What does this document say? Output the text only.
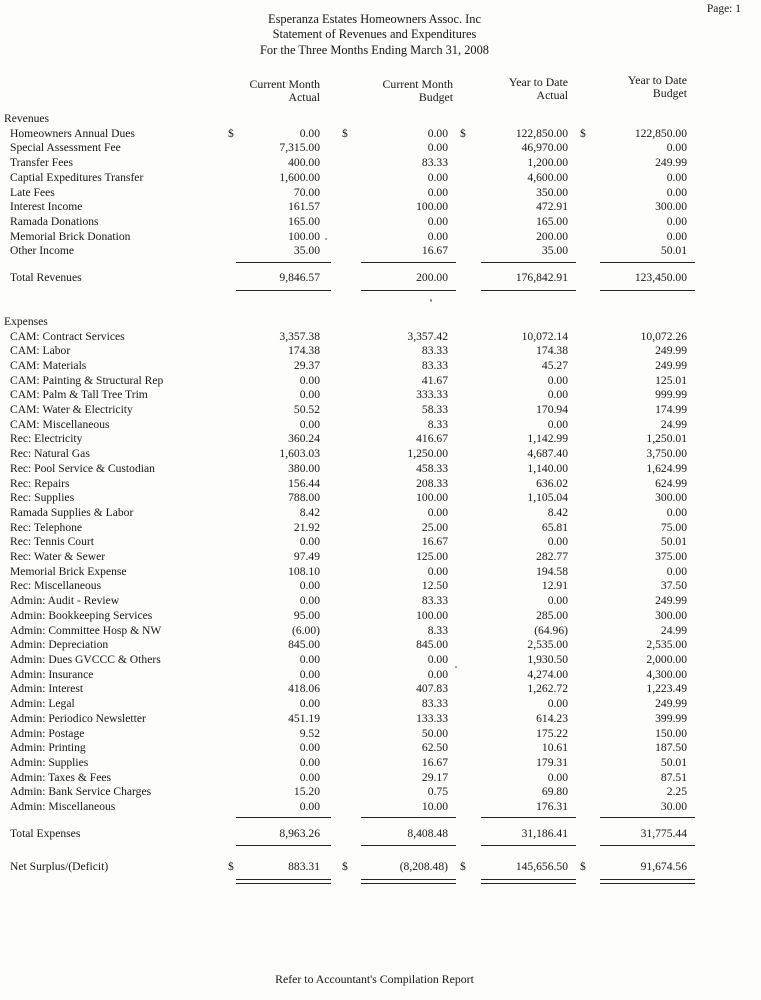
Page: 1
Esperanza Estates Homeowners Assoc. Inc
Statement of Revenues and Expenditures
For the Three Months Ending March 31, 2008
Current Month
Actual
Current Month
Budget
Year to Date
Actual
Year to Date
Budget
Revenues
Homeowners Annual Dues	$	0.00	$	0.00	$	122,850.00	$	122,850.00
Special Assessment Fee	7,315.00	0.00	46,970.00	0.00
Transfer Fees	400.00	83.33	1,200.00	249.99
Captial Expeditures Transfer	1,600.00	0.00	4,600.00	0.00
Late Fees	70.00	0.00	350.00	0.00
Interest Income	161.57	100.00	472.91	300.00
Ramada Donations	165.00	0.00	165.00	0.00
Memorial Brick Donation	100.00	0.00	200.00	0.00
Other Income	35.00	16.67	35.00	50.01
Total Revenues	9,846.57	200.00	176,842.91	123,450.00
Expenses
CAM: Contract Services	3,357.38	3,357.42	10,072.14	10,072.26
CAM: Labor	174.38	83.33	174.38	249.99
CAM: Materials	29.37	83.33	45.27	249.99
CAM: Painting & Structural Rep	0.00	41.67	0.00	125.01
CAM: Palm & Tall Tree Trim	0.00	333.33	0.00	999.99
CAM: Water & Electricity	50.52	58.33	170.94	174.99
CAM: Miscellaneous	0.00	8.33	0.00	24.99
Rec: Electricity	360.24	416.67	1,142.99	1,250.01
Rec: Natural Gas	1,603.03	1,250.00	4,687.40	3,750.00
Rec: Pool Service & Custodian	380.00	458.33	1,140.00	1,624.99
Rec: Repairs	156.44	208.33	636.02	624.99
Rec: Supplies	788.00	100.00	1,105.04	300.00
Ramada Supplies & Labor	8.42	0.00	8.42	0.00
Rec: Telephone	21.92	25.00	65.81	75.00
Rec: Tennis Court	0.00	16.67	0.00	50.01
Rec: Water & Sewer	97.49	125.00	282.77	375.00
Memorial Brick Expense	108.10	0.00	194.58	0.00
Rec: Miscellaneous	0.00	12.50	12.91	37.50
Admin: Audit - Review	0.00	83.33	0.00	249.99
Admin: Bookkeeping Services	95.00	100.00	285.00	300.00
Admin: Committee Hosp & NW	(6.00)	8.33	(64.96)	24.99
Admin: Depreciation	845.00	845.00	2,535.00	2,535.00
Admin: Dues GVCCC & Others	0.00	0.00	1,930.50	2,000.00
Admin: Insurance	0.00	0.00	4,274.00	4,300.00
Admin: Interest	418.06	407.83	1,262.72	1,223.49
Admin: Legal	0.00	83.33	0.00	249.99
Admin: Periodico Newsletter	451.19	133.33	614.23	399.99
Admin: Postage	9.52	50.00	175.22	150.00
Admin: Printing	0.00	62.50	10.61	187.50
Admin: Supplies	0.00	16.67	179.31	50.01
Admin: Taxes & Fees	0.00	29.17	0.00	87.51
Admin: Bank Service Charges	15.20	0.75	69.80	2.25
Admin: Miscellaneous	0.00	10.00	176.31	30.00
Total Expenses	8,963.26	8,408.48	31,186.41	31,775.44
Net Surplus/(Deficit)	$	883.31	$	(8,208.48)	$	145,656.50	$	91,674.56
Refer to Accountant's Compilation Report
